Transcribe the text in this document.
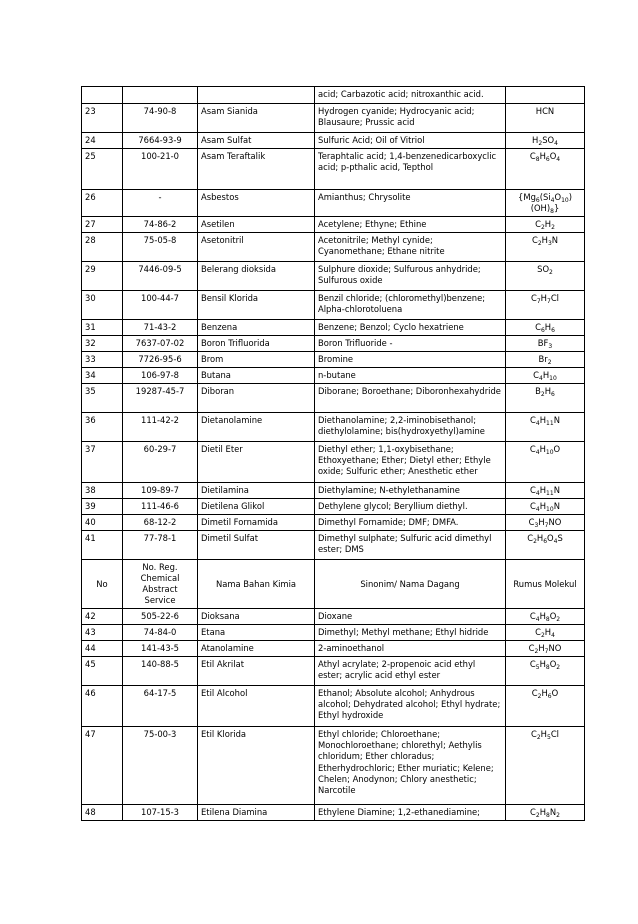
			acid; Carbazotic acid; nitroxanthic acid.	
23	74-90-8	Asam Sianida	Hydrogen cyanide; Hydrocyanic acid; Blausaure; Prussic acid	HCN
24	7664-93-9	Asam Sulfat	Sulfuric Acid; Oil of Vitriol	$H_2SO_4$
25	100-21-0	Asam Teraftalik	Teraphtalic acid; 1,4-benzenedicarboxyclic acid; p-pthalic acid, Tepthol	$C_8H_6O_4$
26	-	Asbestos	Amianthus; Chrysolite	$\{Mg_6(Si_4O_{10})(OH)_8\}$
27	74-86-2	Asetilen	Acetylene; Ethyne; Ethine	$C_2H_2$
28	75-05-8	Asetonitril	Acetonitrile; Methyl cynide; Cyanomethane; Ethane nitrite	$C_2H_3N$
29	7446-09-5	Belerang dioksida	Sulphure dioxide; Sulfurous anhydride; Sulfurous oxide	$SO_2$
30	100-44-7	Bensil Klorida	Benzil chloride; (chloromethyl)benzene; Alpha-chlorotoluena	$C_7H_7Cl$
31	71-43-2	Benzena	Benzene; Benzol; Cyclo hexatriene	$C_6H_6$
32	7637-07-02	Boron Trifluorida	Boron Trifluoride -	$BF_3$
33	7726-95-6	Brom	Bromine	$Br_2$
34	106-97-8	Butana	n-butane	$C_4H_{10}$
35	19287-45-7	Diboran	Diborane; Boroethane; Diboronhexahydride	$B_2H_6$
36	111-42-2	Dietanolamine	Diethanolamine; 2,2-iminobisethanol; diethylolamine; bis(hydroxyethyl)amine	$C_4H_{11}N$
37	60-29-7	Dietil Eter	Diethyl ether; 1,1-oxybisethane; Ethoxyethane; Ether; Dietyl ether; Ethyle oxide; Sulfuric ether; Anesthetic ether	$C_4H_{10}O$
38	109-89-7	Dietilamina	Diethylamine; N-ethylethanamine	$C_4H_{11}N$
39	111-46-6	Dietilena Glikol	Dethylene glycol; Beryllium diethyl.	$C_4H_{10}N$
40	68-12-2	Dimetil Fornamida	Dimethyl Fornamide; DMF; DMFA.	$C_3H_7NO$
41	77-78-1	Dimetil Sulfat	Dimethyl sulphate; Sulfuric acid dimethyl ester; DMS	$C_2H_6O_4S$
No	No. Reg. Chemical Abstract Service	Nama Bahan Kimia	Sinonim/ Nama Dagang	Rumus Molekul
42	505-22-6	Dioksana	Dioxane	$C_4H_8O_2$
43	74-84-0	Etana	Dimethyl; Methyl methane; Ethyl hidride	$C_2H_4$
44	141-43-5	Atanolamine	2-aminoethanol	$C_2H_7NO$
45	140-88-5	Etil Akrilat	Athyl acrylate; 2-propenoic acid ethyl ester; acrylic acid ethyl ester	$C_5H_8O_2$
46	64-17-5	Etil Alcohol	Ethanol; Absolute alcohol; Anhydrous alcohol; Dehydrated alcohol; Ethyl hydrate; Ethyl hydroxide	$C_2H_6O$
47	75-00-3	Etil Klorida	Ethyl chloride; Chloroethane; Monochloroethane; chlorethyl; Aethylis chloridum; Ether chloradus; Etherhydrochloric; Ether muriatic; Kelene; Chelen; Anodynon; Chlory anesthetic; Narcotile	$C_2H_5Cl$
48	107-15-3	Etilena Diamina	Ethylene Diamine; 1,2-ethanediamine;	$C_2H_8N_2$
